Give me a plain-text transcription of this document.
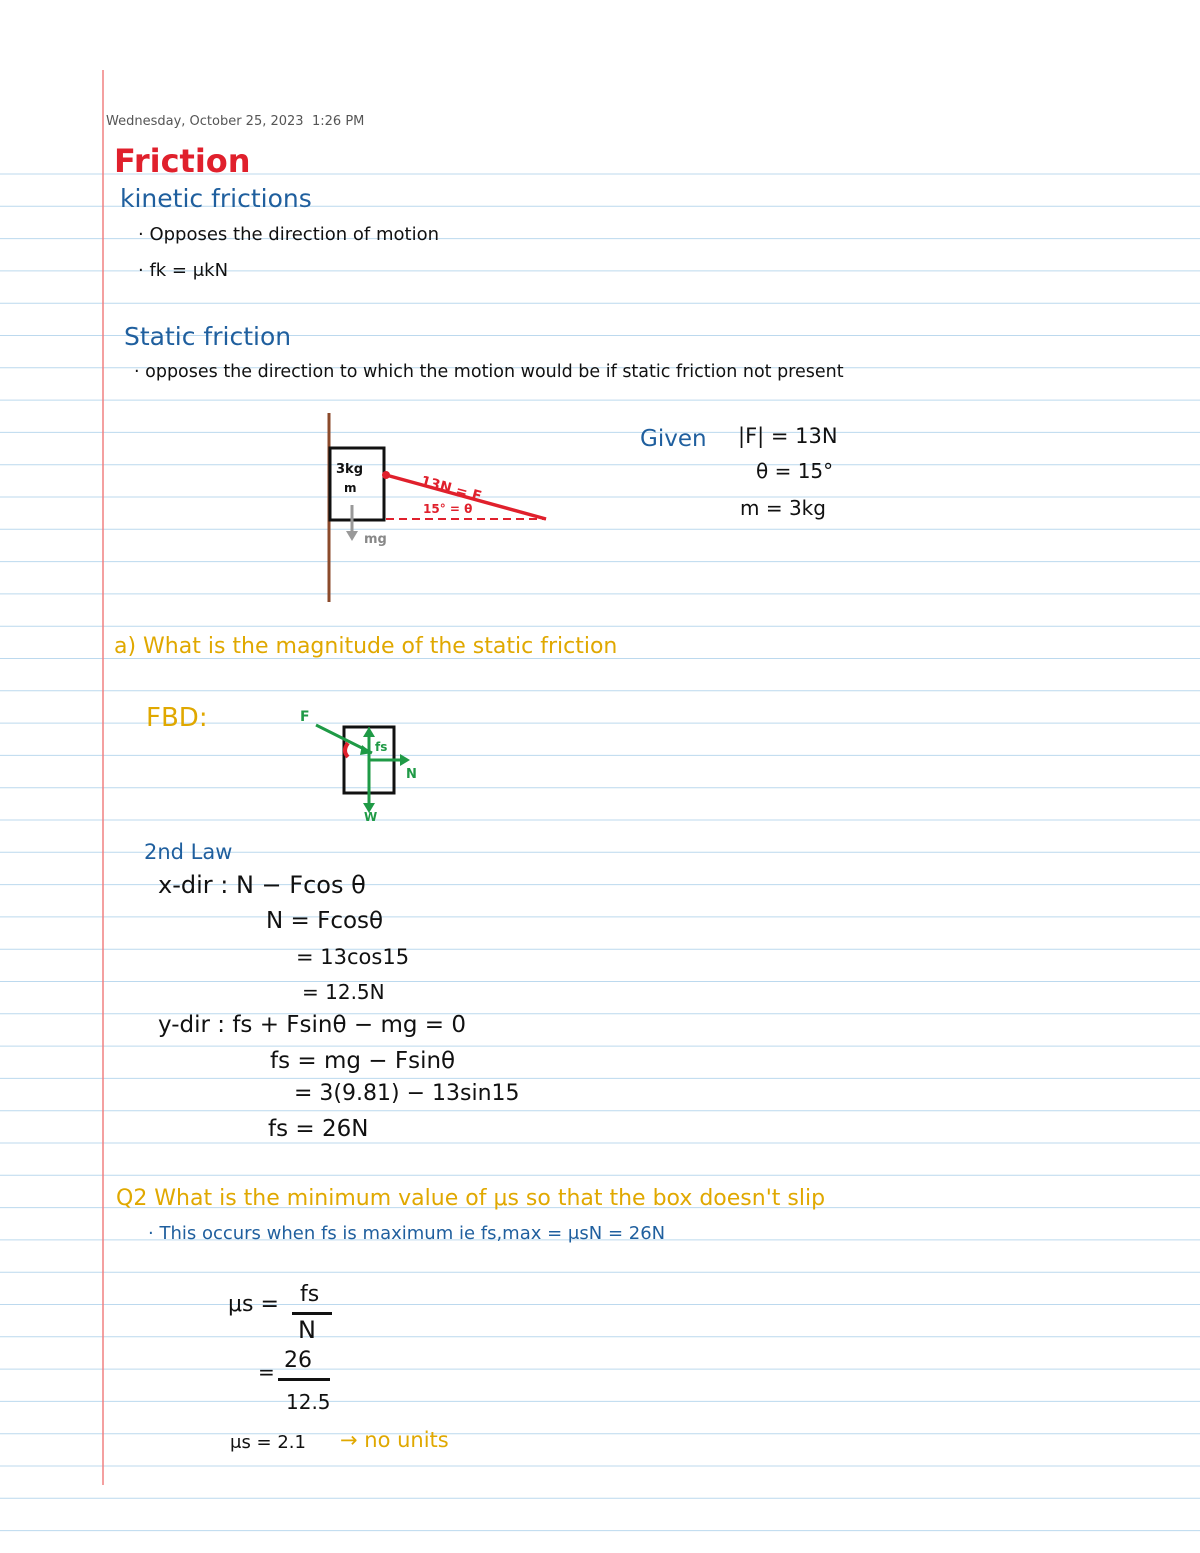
Wednesday, October 25, 2023 1:26 PM
Friction
kinetic frictions
· Opposes the direction of motion
· fk = μkN
Static friction
· opposes the direction to which the motion would be if static friction not present
3kg
m	13N = F
15° = θ
mg
Given |F| = 13N
θ = 15°
m = 3kg
a) What is the magnitude of the static friction
FBD:	F
fs
N
W
2nd Law
x-dir : N − Fcos θ
N = Fcosθ
= 13cos15
= 12.5N
y-dir : fs + Fsinθ − mg = 0
fs = mg − Fsinθ
= 3(9.81) − 13sin15
fs = 26N
Q2 What is the minimum value of μs so that the box doesn't slip
· This occurs when fs is maximum ie fs,max = μsN = 26N
μs = fs
N
= 26
12.5
μs = 2.1 → no units
